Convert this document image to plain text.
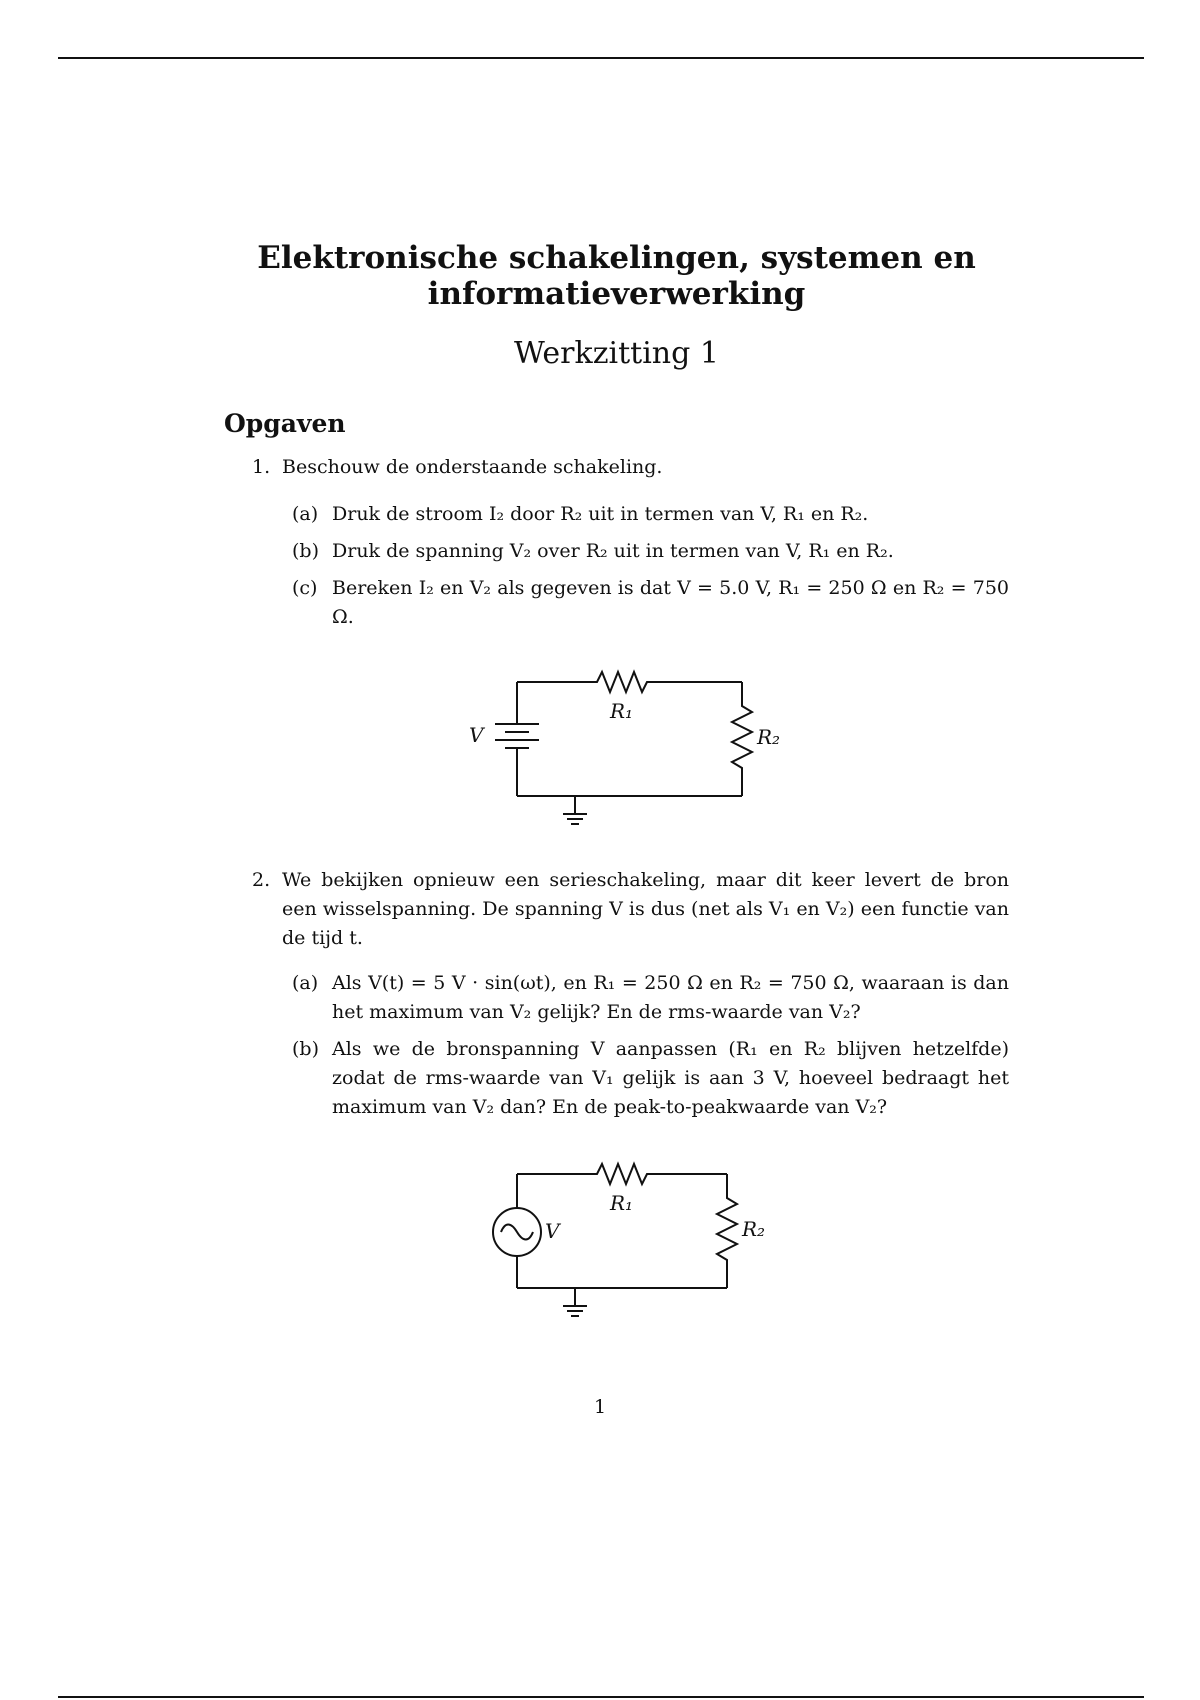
Elektronische schakelingen, systemen en
informatieverwerking
Werkzitting 1
Opgaven
1. Beschouw de onderstaande schakeling.
(a) Druk de stroom I₂ door R₂ uit in termen van V, R₁ en R₂.
(b) Druk de spanning V₂ over R₂ uit in termen van V, R₁ en R₂.
(c) Bereken I₂ en V₂ als gegeven is dat V = 5.0 V, R₁ = 250 Ω en R₂ = 750 Ω.
V
R₁
R₂
2. We bekijken opnieuw een serieschakeling, maar dit keer levert de bron een wisselspanning. De spanning V is dus (net als V₁ en V₂) een functie van de tijd t.
(a) Als V(t) = 5 V · sin(ωt), en R₁ = 250 Ω en R₂ = 750 Ω, waaraan is dan het maximum van V₂ gelijk? En de rms-waarde van V₂?
(b) Als we de bronspanning V aanpassen (R₁ en R₂ blijven hetzelfde) zodat de rms-waarde van V₁ gelijk is aan 3 V, hoeveel bedraagt het maximum van V₂ dan? En de peak-to-peakwaarde van V₂?
V
R₁
R₂
1
